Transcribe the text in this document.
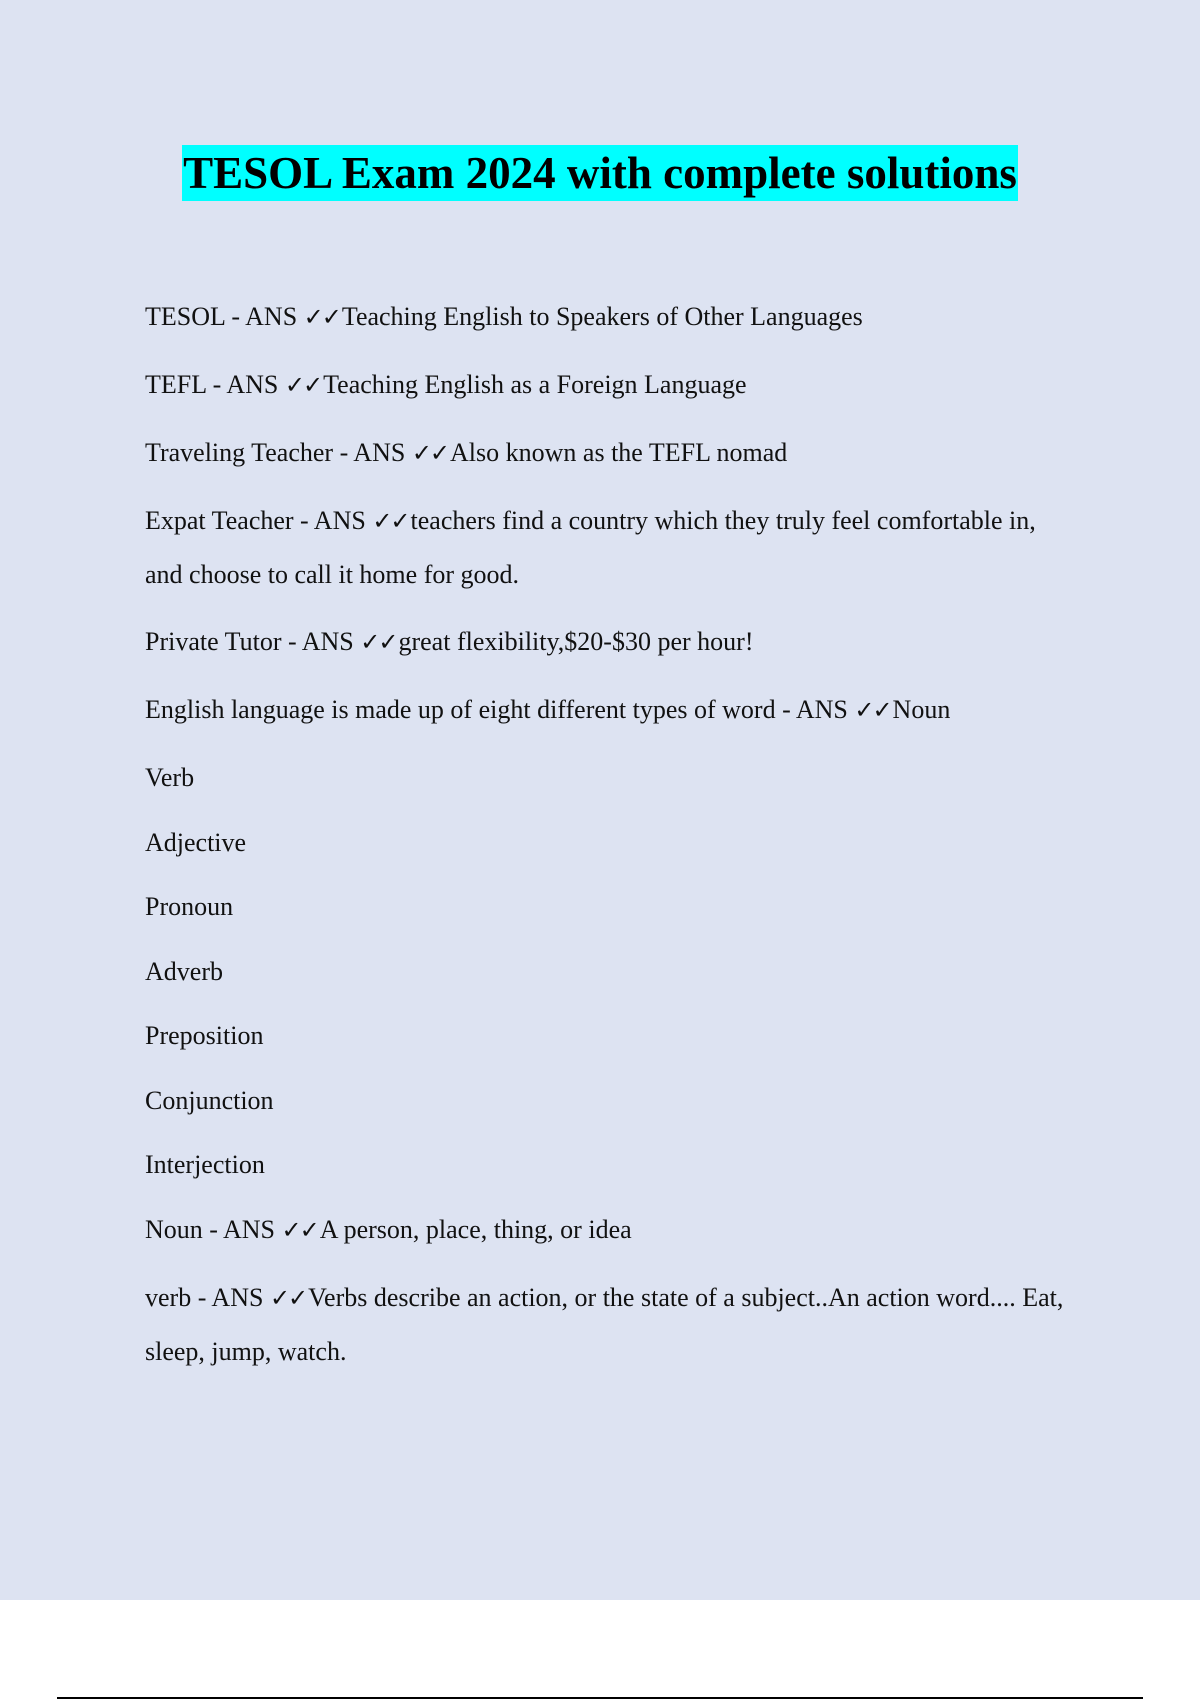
TESOL Exam 2024 with complete solutions

TESOL - ANS ✓✓Teaching English to Speakers of Other Languages

TEFL - ANS ✓✓Teaching English as a Foreign Language

Traveling Teacher - ANS ✓✓Also known as the TEFL nomad

Expat Teacher - ANS ✓✓teachers find a country which they truly feel comfortable in, and choose to call it home for good.

Private Tutor - ANS ✓✓great flexibility,$20-$30 per hour!

English language is made up of eight different types of word - ANS ✓✓Noun

Verb

Adjective

Pronoun

Adverb

Preposition

Conjunction

Interjection

Noun - ANS ✓✓A person, place, thing, or idea

verb - ANS ✓✓Verbs describe an action, or the state of a subject..An action word.... Eat, sleep, jump, watch.
